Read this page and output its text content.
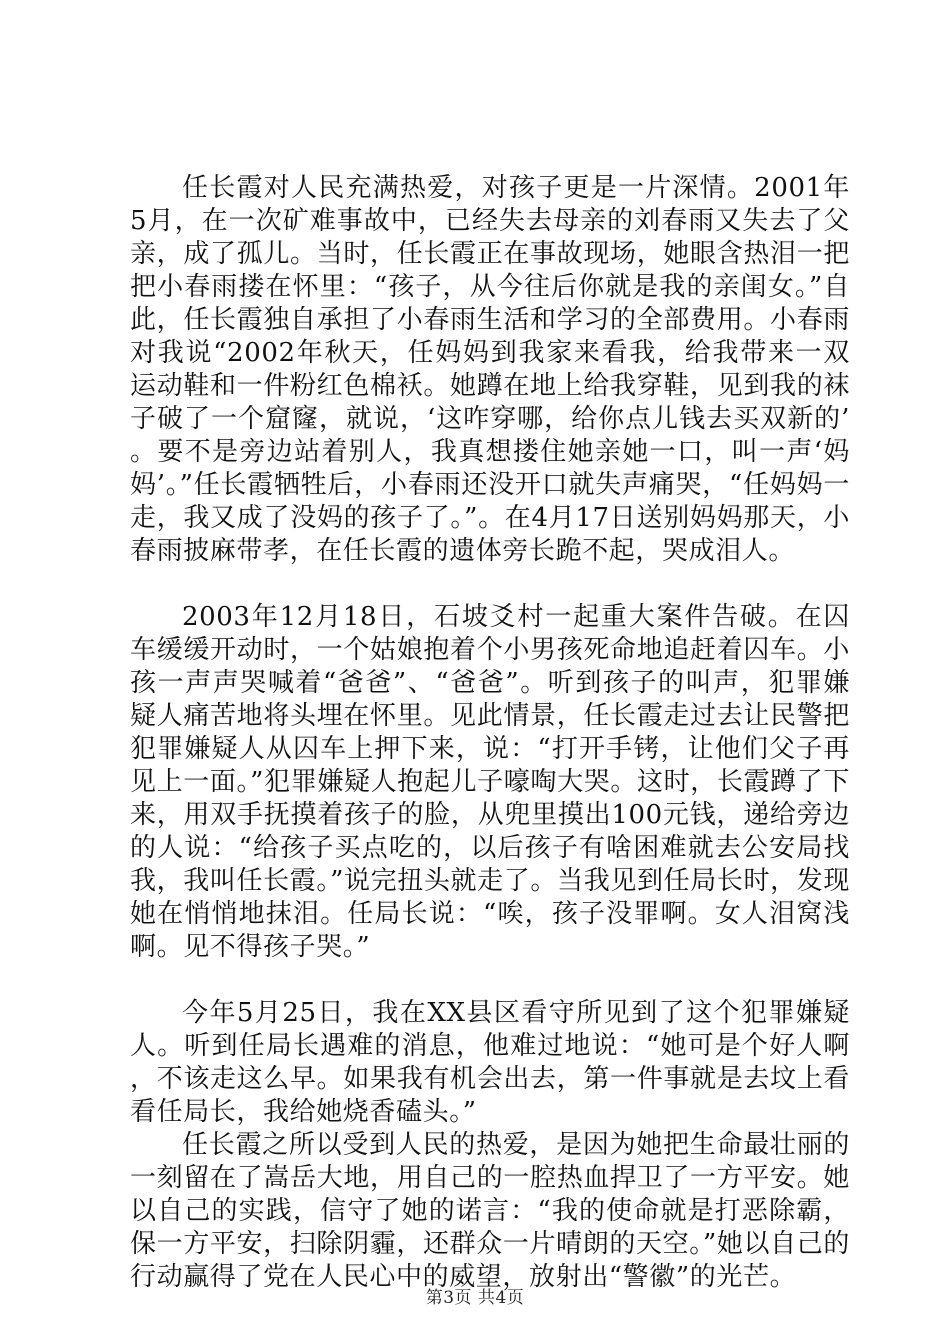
任长霞对人民充满热爱，对孩子更是一片深情。2001年5月，在一次矿难事故中，已经失去母亲的刘春雨又失去了父亲，成了孤儿。当时，任长霞正在事故现场，她眼含热泪一把把小春雨搂在怀里：“孩子，从今往后你就是我的亲闺女。”自此，任长霞独自承担了小春雨生活和学习的全部费用。小春雨对我说“2002年秋天，任妈妈到我家来看我，给我带来一双运动鞋和一件粉红色棉袄。她蹲在地上给我穿鞋，见到我的袜子破了一个窟窿，就说，‘这咋穿哪，给你点儿钱去买双新的’。要不是旁边站着别人，我真想搂住她亲她一口，叫一声‘妈妈’。”任长霞牺牲后，小春雨还没开口就失声痛哭，“任妈妈一走，我又成了没妈的孩子了。”。在4月17日送别妈妈那天，小春雨披麻带孝，在任长霞的遗体旁长跪不起，哭成泪人。

2003年12月18日，石坡爻村一起重大案件告破。在囚车缓缓开动时，一个姑娘抱着个小男孩死命地追赶着囚车。小孩一声声哭喊着“爸爸”、“爸爸”。听到孩子的叫声，犯罪嫌疑人痛苦地将头埋在怀里。见此情景，任长霞走过去让民警把犯罪嫌疑人从囚车上押下来，说：“打开手铐，让他们父子再见上一面。”犯罪嫌疑人抱起儿子嚎啕大哭。这时，长霞蹲了下来，用双手抚摸着孩子的脸，从兜里摸出100元钱，递给旁边的人说：“给孩子买点吃的，以后孩子有啥困难就去公安局找我，我叫任长霞。”说完扭头就走了。当我见到任局长时，发现她在悄悄地抹泪。任局长说：“唉，孩子没罪啊。女人泪窝浅啊。见不得孩子哭。”

今年5月25日，我在XX县区看守所见到了这个犯罪嫌疑人。听到任局长遇难的消息，他难过地说：“她可是个好人啊，不该走这么早。如果我有机会出去，第一件事就是去坟上看看任局长，我给她烧香磕头。”

任长霞之所以受到人民的热爱，是因为她把生命最壮丽的一刻留在了嵩岳大地，用自己的一腔热血捍卫了一方平安。她以自己的实践，信守了她的诺言：“我的使命就是打恶除霸，保一方平安，扫除阴霾，还群众一片晴朗的天空。”她以自己的行动赢得了党在人民心中的威望，放射出“警徽”的光芒。

第3页 共4页
